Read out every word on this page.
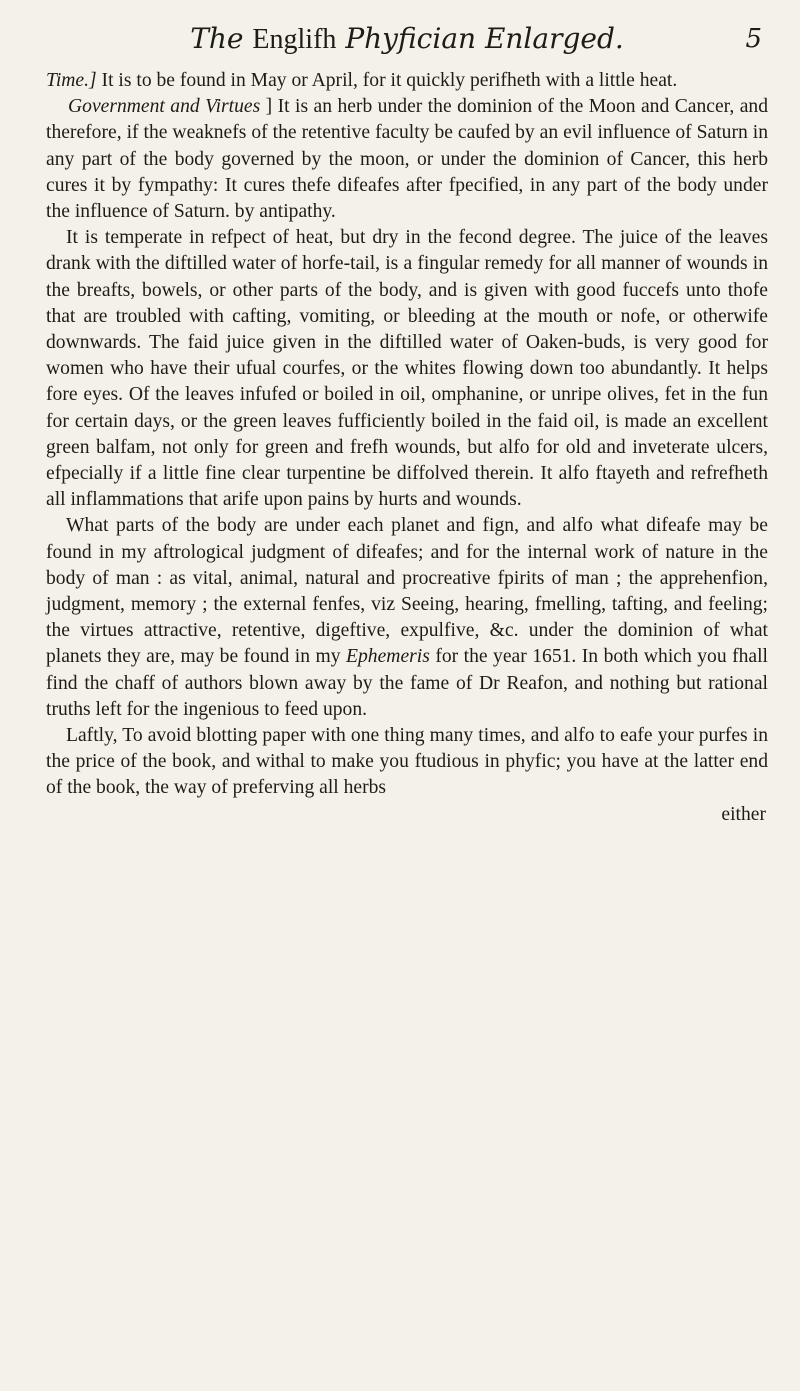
The Englifh Phyfician Enlarged.	5

Time.] It is to be found in May or April, for it quickly perifheth with a little heat.

Government and Virtues ] It is an herb under the dominion of the Moon and Cancer, and therefore, if the weaknefs of the retentive faculty be caufed by an evil influence of Saturn in any part of the body governed by the moon, or under the dominion of Cancer, this herb cures it by fympathy: It cures thefe difeafes after fpecified, in any part of the body under the influence of Saturn. by antipathy.

It is temperate in refpect of heat, but dry in the fecond degree. The juice of the leaves drank with the diftilled water of horfe-tail, is a fingular remedy for all manner of wounds in the breafts, bowels, or other parts of the body, and is given with good fuccefs unto thofe that are troubled with cafting, vomiting, or bleeding at the mouth or nofe, or otherwife downwards. The faid juice given in the diftilled water of Oaken-buds, is very good for women who have their ufual courfes, or the whites flowing down too abundantly. It helps fore eyes. Of the leaves infufed or boiled in oil, omphanine, or unripe olives, fet in the fun for certain days, or the green leaves fufficiently boiled in the faid oil, is made an excellent green balfam, not only for green and frefh wounds, but alfo for old and inveterate ulcers, efpecially if a little fine clear turpentine be diffolved therein. It alfo ftayeth and refrefheth all inflammations that arife upon pains by hurts and wounds.

What parts of the body are under each planet and fign, and alfo what difeafe may be found in my aftrological judgment of difeafes; and for the internal work of nature in the body of man : as vital, animal, natural and procreative fpirits of man ; the apprehenfion, judgment, memory ; the external fenfes, viz Seeing, hearing, fmelling, tafting, and feeling; the virtues attractive, retentive, digeftive, expulfive, &c. under the dominion of what planets they are, may be found in my Ephemeris for the year 1651. In both which you fhall find the chaff of authors blown away by the fame of Dr Reafon, and nothing but rational truths left for the ingenious to feed upon.

Laftly, To avoid blotting paper with one thing many times, and alfo to eafe your purfes in the price of the book, and withal to make you ftudious in phyfic; you have at the latter end of the book, the way of preferving all herbs

either
